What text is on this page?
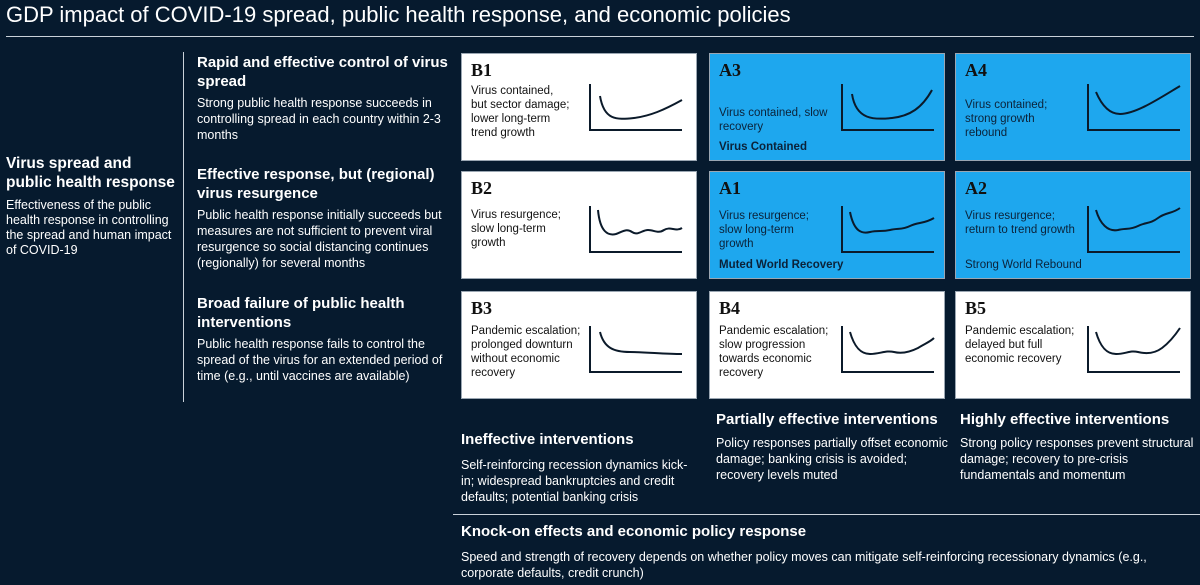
GDP impact of COVID-19 spread, public health response, and economic policies
Virus spread and public health response
Effectiveness of the public health response in controlling the spread and human impact of COVID-19
Rapid and effective control of virus spread
Strong public health response succeeds in controlling spread in each country within 2-3 months
Effective response, but (regional) virus resurgence
Public health response initially succeeds but measures are not sufficient to prevent viral resurgence so social distancing continues (regionally) for several months
Broad failure of public health interventions
Public health response fails to control the spread of the virus for an extended period of time (e.g., until vaccines are available)
B1
Virus contained, but sector damage; lower long-term trend growth
A3
Virus contained, slow recovery
Virus Contained
A4
Virus contained; strong growth rebound
B2
Virus resurgence; slow long-term growth
A1
Virus resurgence; slow long-term growth
Muted World Recovery
A2
Virus resurgence; return to trend growth
Strong World Rebound
B3
Pandemic escalation; prolonged downturn without economic recovery
B4
Pandemic escalation; slow progression towards economic recovery
B5
Pandemic escalation; delayed but full economic recovery
Ineffective interventions
Self-reinforcing recession dynamics kick-in; widespread bankruptcies and credit defaults; potential banking crisis
Partially effective interventions
Policy responses partially offset economic damage; banking crisis is avoided; recovery levels muted
Highly effective interventions
Strong policy responses prevent structural damage; recovery to pre-crisis fundamentals and momentum
Knock-on effects and economic policy response
Speed and strength of recovery depends on whether policy moves can mitigate self-reinforcing recessionary dynamics (e.g., corporate defaults, credit crunch)
